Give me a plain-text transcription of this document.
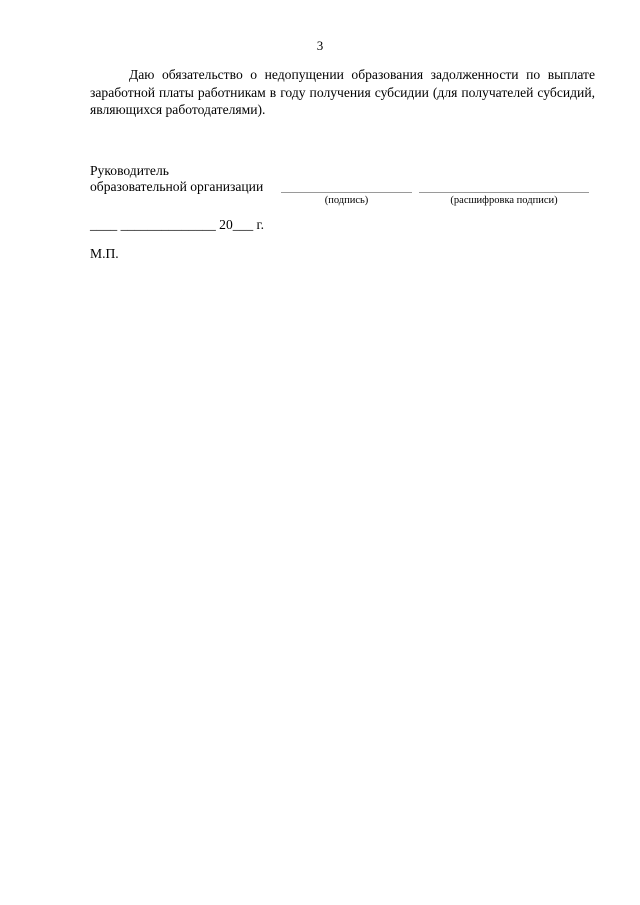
3

Даю обязательство о недопущении образования задолженности по выплате заработной платы работникам в году получения субсидии (для получателей субсидий, являющихся работодателями).

Руководитель
образовательной организации
(подпись)	(расшифровка подписи)
____ ______________ 20___ г.
М.П.
